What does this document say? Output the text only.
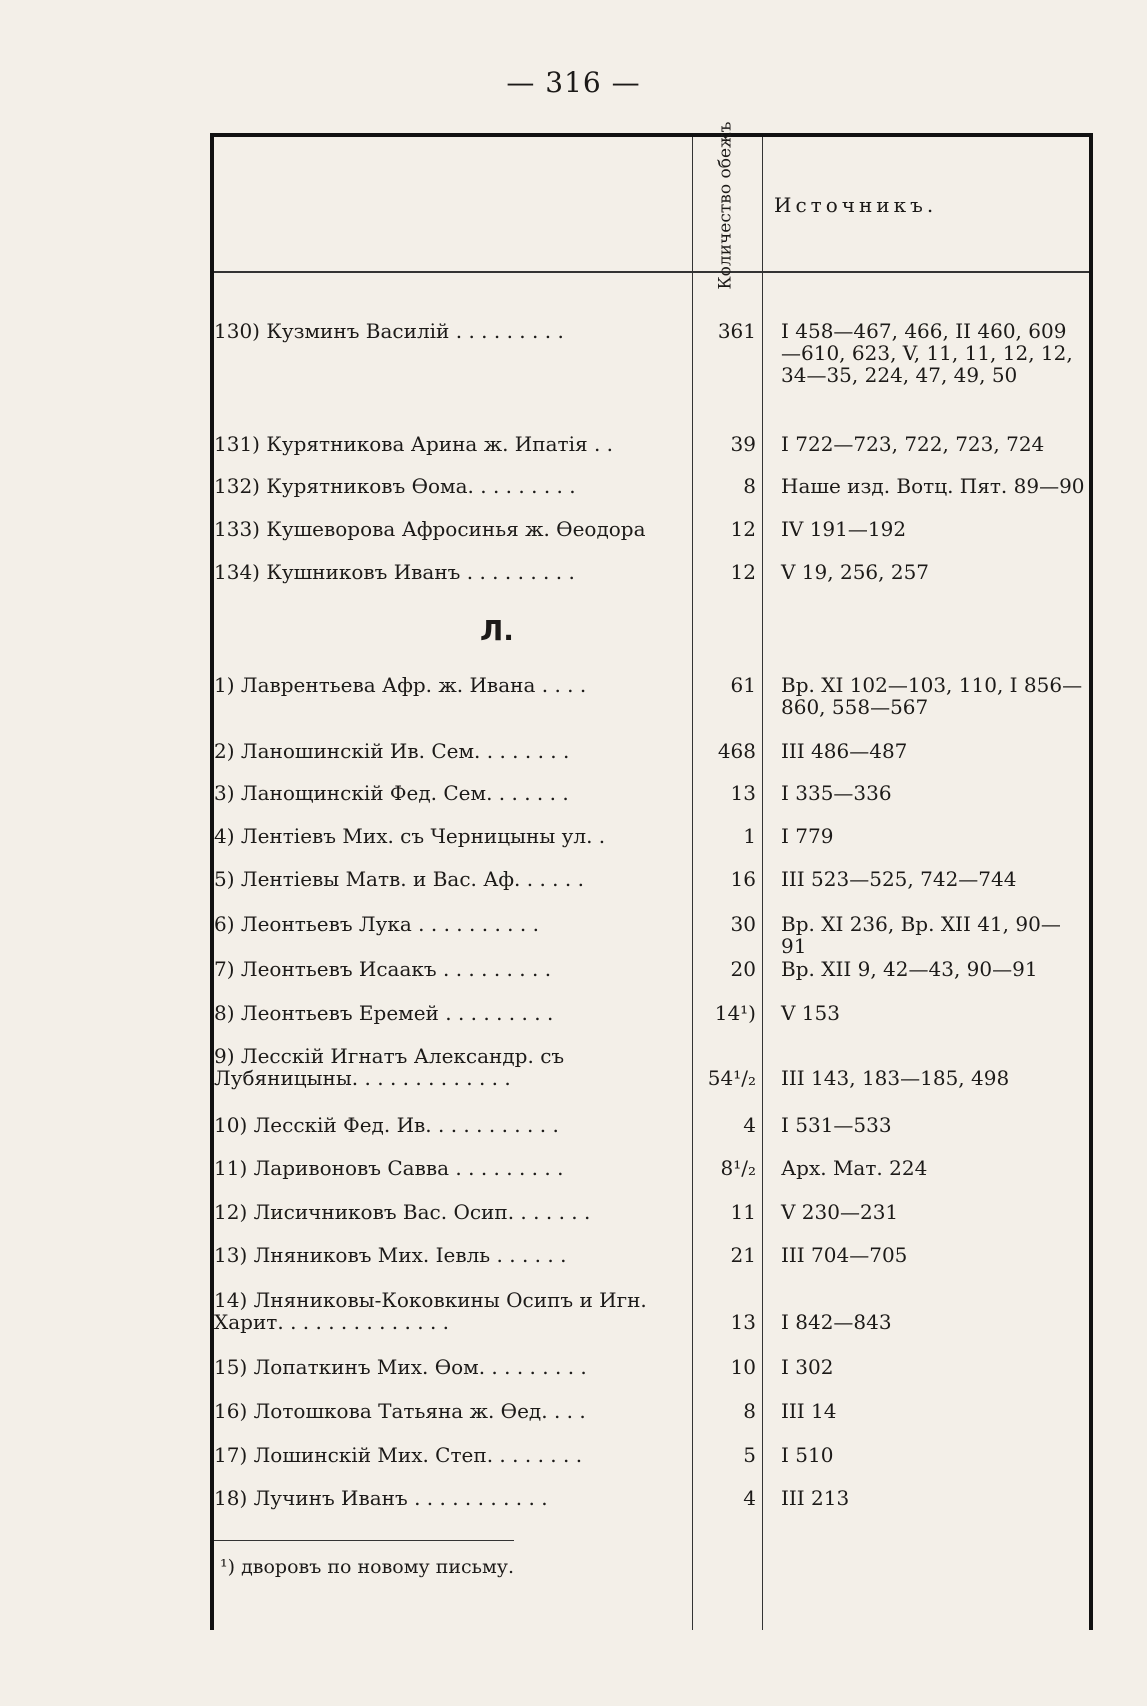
— 316 —
Количество обежъ Источникъ.
130) Кузминъ Василій . . . . . . . . .	361 I 458—467, 466, II 460, 609—610, 623, V, 11, 11, 12, 12, 34—35, 224, 47, 49, 50
131) Курятникова Арина ж. Ипатія . .	39 I 722—723, 722, 723, 724
132) Курятниковъ Ѳома. . . . . . . . .	8 Наше изд. Вотц. Пят. 89—90
133) Кушеворова Афросинья ж. Ѳеодора	12 IV 191—192
134) Кушниковъ Иванъ . . . . . . . . .	12 V 19, 256, 257
1) Лаврентьева Афр. ж. Ивана . . . .	61 Вр. XI 102—103, 110, I 856—860, 558—567
2) Ланошинскій Ив. Сем. . . . . . . .	468 III 486—487
3) Ланощинскій Фед. Сем. . . . . . .	13 I 335—336
4) Лентіевъ Мих. съ Черницыны ул. .	1 I 779
5) Лентіевы Матв. и Вас. Аф. . . . . .	16 III 523—525, 742—744
6) Леонтьевъ Лука . . . . . . . . . .	30 Вр. XI 236, Вр. XII 41, 90—91
7) Леонтьевъ Исаакъ . . . . . . . . .	20 Вр. XII 9, 42—43, 90—91
8) Леонтьевъ Еремей . . . . . . . . .	14¹) V 153
9) Лесскій Игнатъ Александр. съ Лубяницыны. . . . . . . . . . . . .	54¹/₂ III 143, 183—185, 498
10) Лесскій Фед. Ив. . . . . . . . . . .	4 I 531—533
11) Ларивоновъ Савва . . . . . . . . .	8¹/₂ Арх. Мат. 224
12) Лисичниковъ Вас. Осип. . . . . . .	11 V 230—231
13) Лняниковъ Мих. Іевль . . . . . .	21 III 704—705
14) Лняниковы-Коковкины Осипъ и Игн. Харит. . . . . . . . . . . . . .	13 I 842—843
15) Лопаткинъ Мих. Ѳом. . . . . . . . .	10 I 302
16) Лотошкова Татьяна ж. Ѳед. . . .	8 III 14
17) Лошинскій Мих. Степ. . . . . . . .	5 I 510
18) Лучинъ Иванъ . . . . . . . . . . .	4 III 213
Л.
¹) дворовъ по новому письму.
